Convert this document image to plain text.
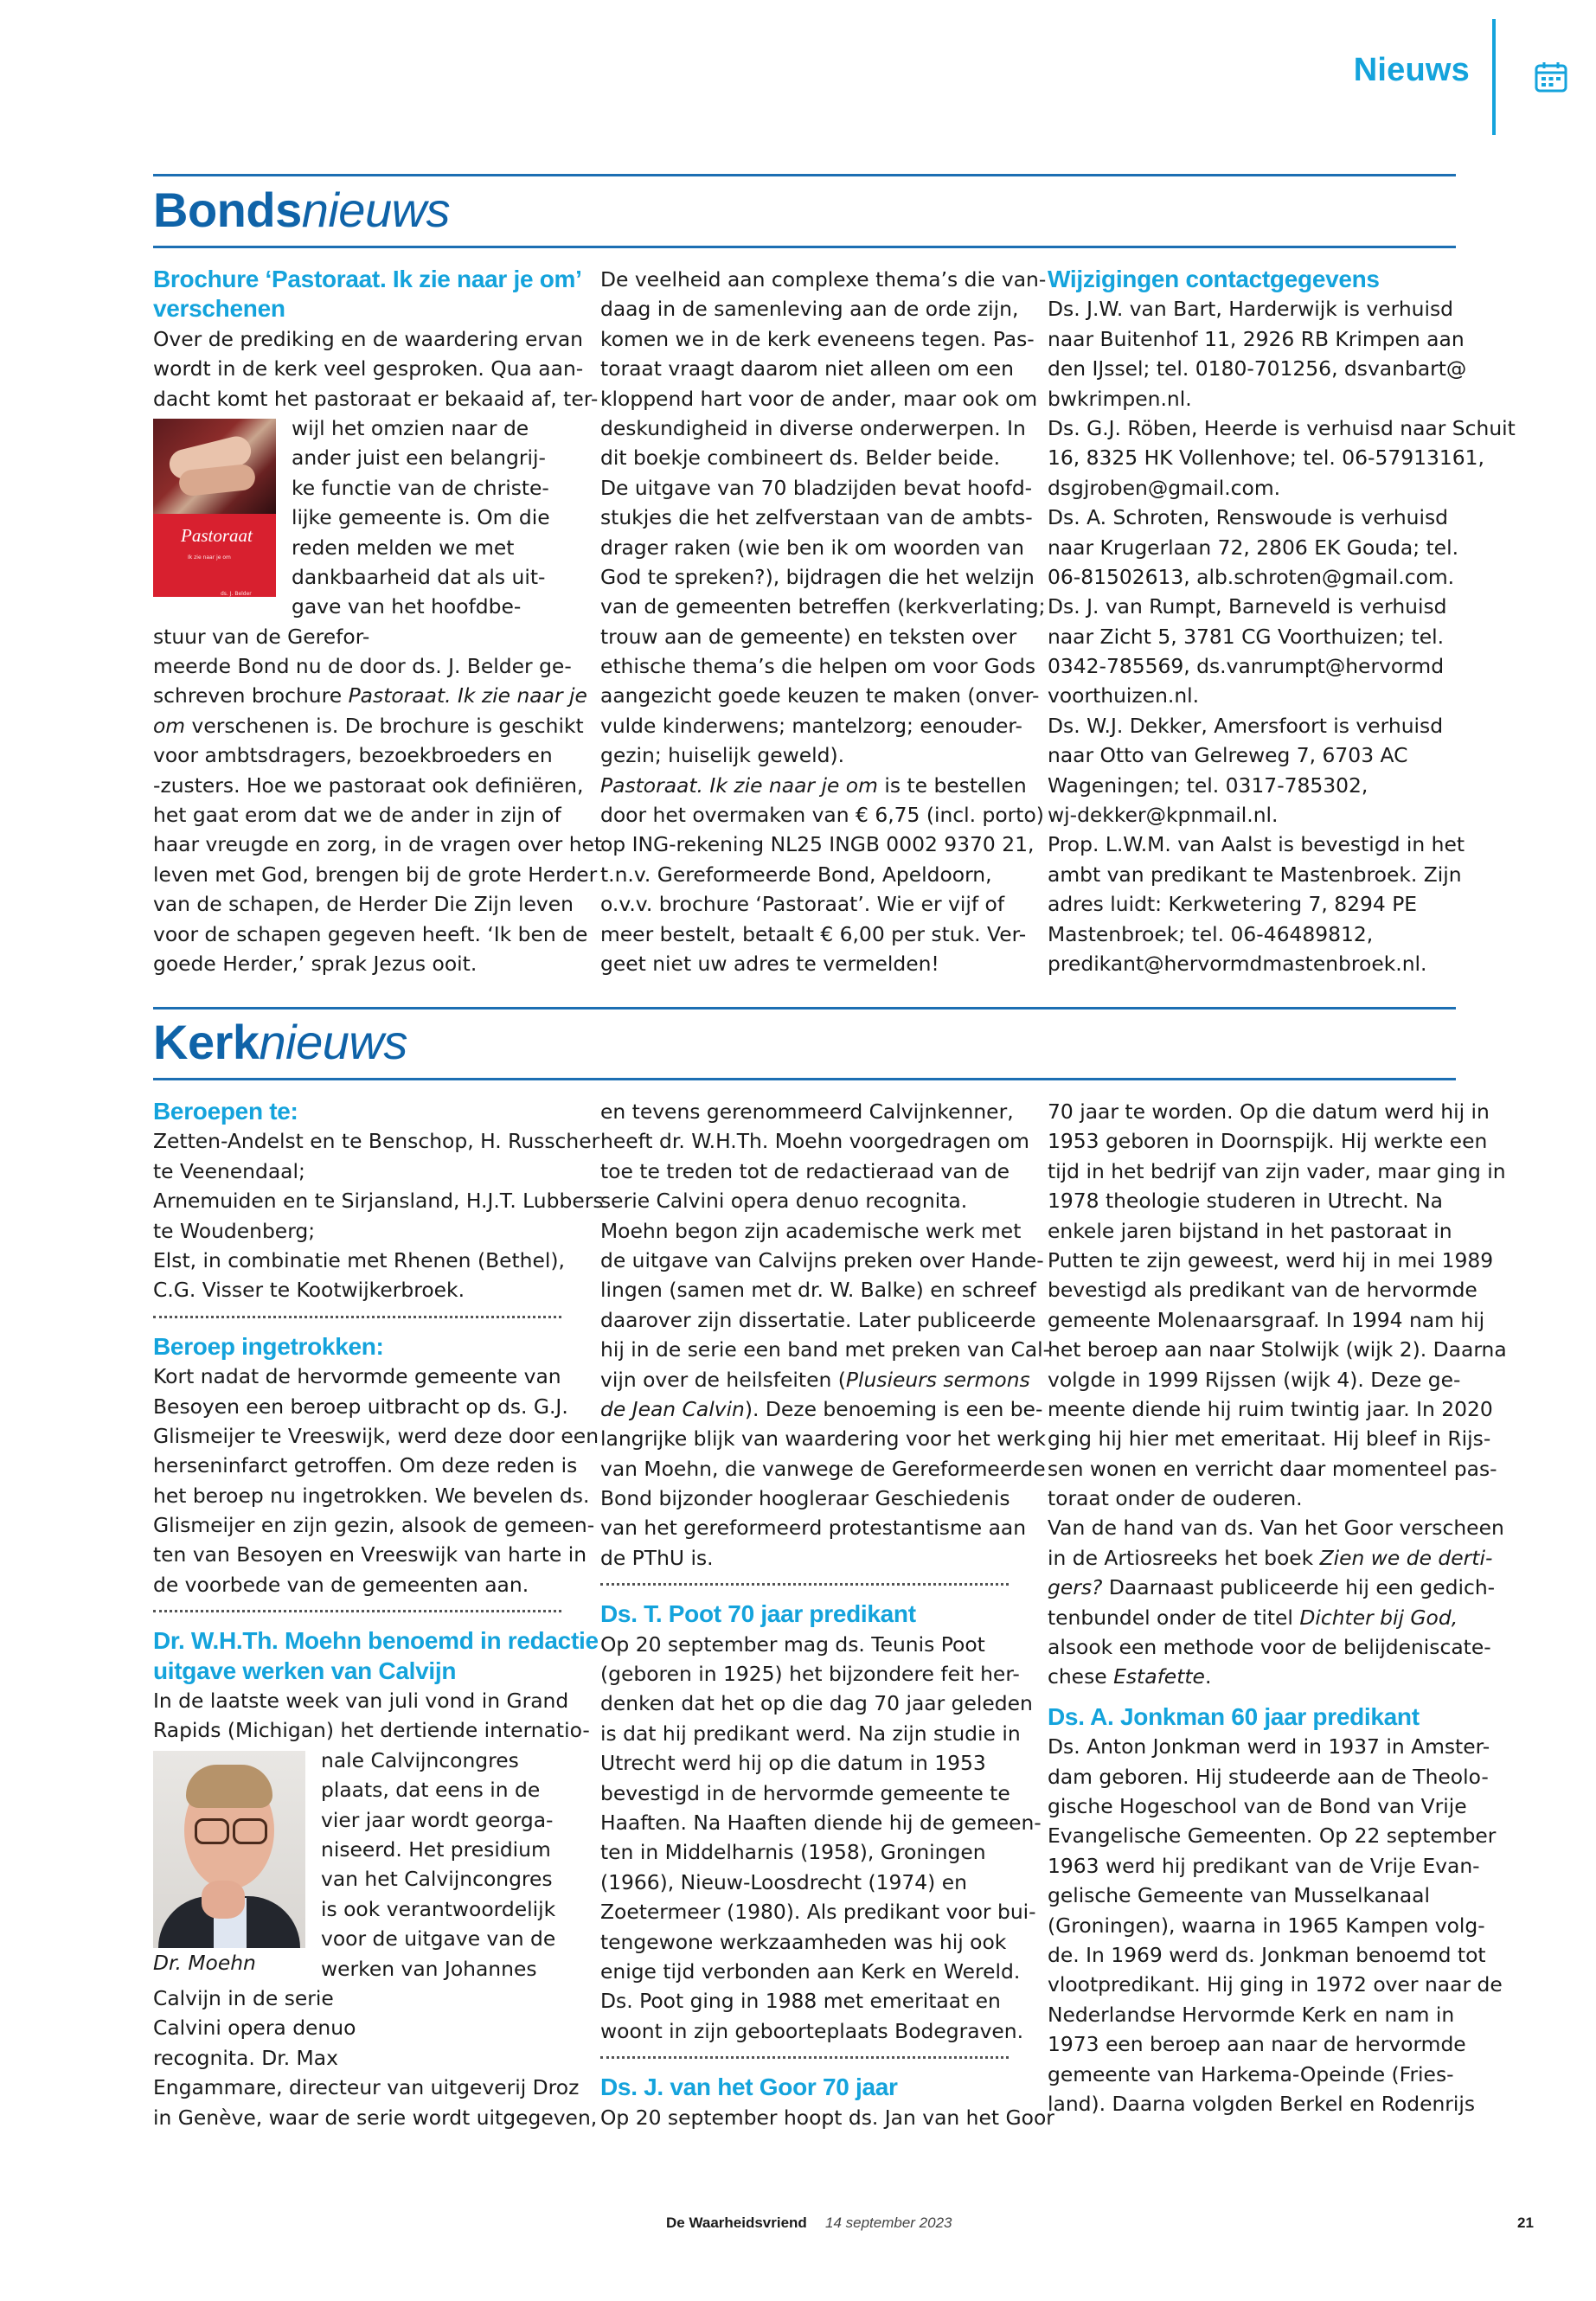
Nieuws
Bondsnieuws
Brochure ‘Pastoraat. Ik zie naar je om’
verschenen
Over de prediking en de waardering ervan
wordt in de kerk veel gesproken. Qua aan-
dacht komt het pastoraat er bekaaid af, ter-
Pastoraat
Ik zie naar je om
ds. J. Belder
wijl het omzien naar de
ander juist een belangrij-
ke functie van de christe-
lijke gemeente is. Om die
reden melden we met
dankbaarheid dat als uit-
gave van het hoofdbe-
stuur van de Gerefor-
meerde Bond nu de door ds. J. Belder ge-
schreven brochure Pastoraat. Ik zie naar je
om verschenen is. De brochure is geschikt
voor ambtsdragers, bezoekbroeders en
-zusters. Hoe we pastoraat ook definiëren,
het gaat erom dat we de ander in zijn of
haar vreugde en zorg, in de vragen over het
leven met God, brengen bij de grote Herder
van de schapen, de Herder Die Zijn leven
voor de schapen gegeven heeft. ‘Ik ben de
goede Herder,’ sprak Jezus ooit.
De veelheid aan complexe thema’s die van-
daag in de samenleving aan de orde zijn,
komen we in de kerk eveneens tegen. Pas-
toraat vraagt daarom niet alleen om een
kloppend hart voor de ander, maar ook om
deskundigheid in diverse onderwerpen. In
dit boekje combineert ds. Belder beide.
De uitgave van 70 bladzijden bevat hoofd-
stukjes die het zelfverstaan van de ambts-
drager raken (wie ben ik om woorden van
God te spreken?), bijdragen die het welzijn
van de gemeenten betreffen (kerkverlating;
trouw aan de gemeente) en teksten over
ethische thema’s die helpen om voor Gods
aangezicht goede keuzen te maken (onver-
vulde kinderwens; mantelzorg; eenouder-
gezin; huiselijk geweld).
Pastoraat. Ik zie naar je om is te bestellen
door het overmaken van € 6,75 (incl. porto)
op ING-rekening NL25 INGB 0002 9370 21,
t.n.v. Gereformeerde Bond, Apeldoorn,
o.v.v. brochure ‘Pastoraat’. Wie er vijf of
meer bestelt, betaalt € 6,00 per stuk. Ver-
geet niet uw adres te vermelden!
Wijzigingen contactgegevens
Ds. J.W. van Bart, Harderwijk is verhuisd
naar Buitenhof 11, 2926 RB Krimpen aan
den IJssel; tel. 0180-701256, dsvanbart@
bwkrimpen.nl.
Ds. G.J. Röben, Heerde is verhuisd naar Schuit
16, 8325 HK Vollenhove; tel. 06-57913161,
dsgjroben@gmail.com.
Ds. A. Schroten, Renswoude is verhuisd
naar Krugerlaan 72, 2806 EK Gouda; tel.
06-81502613, alb.schroten@gmail.com.
Ds. J. van Rumpt, Barneveld is verhuisd
naar Zicht 5, 3781 CG Voorthuizen; tel.
0342-785569, ds.vanrumpt@hervormd
voorthuizen.nl.
Ds. W.J. Dekker, Amersfoort is verhuisd
naar Otto van Gelreweg 7, 6703 AC
Wageningen; tel. 0317-785302,
wj-dekker@kpnmail.nl.
Prop. L.W.M. van Aalst is bevestigd in het
ambt van predikant te Mastenbroek. Zijn
adres luidt: Kerkwetering 7, 8294 PE
Mastenbroek; tel. 06-46489812,
predikant@hervormdmastenbroek.nl.
Kerknieuws
Beroepen te:
Zetten-Andelst en te Benschop, H. Russcher
te Veenendaal;
Arnemuiden en te Sirjansland, H.J.T. Lubbers
te Woudenberg;
Elst, in combinatie met Rhenen (Bethel),
C.G. Visser te Kootwijkerbroek.
Beroep ingetrokken:
Kort nadat de hervormde gemeente van
Besoyen een beroep uitbracht op ds. G.J.
Glismeijer te Vreeswijk, werd deze door een
herseninfarct getroffen. Om deze reden is
het beroep nu ingetrokken. We bevelen ds.
Glismeijer en zijn gezin, alsook de gemeen-
ten van Besoyen en Vreeswijk van harte in
de voorbede van de gemeenten aan.
Dr. W.H.Th. Moehn benoemd in redactie
uitgave werken van Calvijn
In de laatste week van juli vond in Grand
Rapids (Michigan) het dertiende internatio-
Dr. Moehn
nale Calvijncongres
plaats, dat eens in de
vier jaar wordt georga-
niseerd. Het presidium
van het Calvijncongres
is ook verantwoordelijk
voor de uitgave van de
werken van Johannes
Calvijn in de serie
Calvini opera denuo
recognita. Dr. Max
Engammare, directeur van uitgeverij Droz
in Genève, waar de serie wordt uitgegeven,
en tevens gerenommeerd Calvijnkenner,
heeft dr. W.H.Th. Moehn voorgedragen om
toe te treden tot de redactieraad van de
serie Calvini opera denuo recognita.
Moehn begon zijn academische werk met
de uitgave van Calvijns preken over Hande-
lingen (samen met dr. W. Balke) en schreef
daarover zijn dissertatie. Later publiceerde
hij in de serie een band met preken van Cal-
vijn over de heilsfeiten (Plusieurs sermons
de Jean Calvin). Deze benoeming is een be-
langrijke blijk van waardering voor het werk
van Moehn, die vanwege de Gereformeerde
Bond bijzonder hoogleraar Geschiedenis
van het gereformeerd protestantisme aan
de PThU is.
Ds. T. Poot 70 jaar predikant
Op 20 september mag ds. Teunis Poot
(geboren in 1925) het bijzondere feit her-
denken dat het op die dag 70 jaar geleden
is dat hij predikant werd. Na zijn studie in
Utrecht werd hij op die datum in 1953
bevestigd in de hervormde gemeente te
Haaften. Na Haaften diende hij de gemeen-
ten in Middelharnis (1958), Groningen
(1966), Nieuw-Loosdrecht (1974) en
Zoetermeer (1980). Als predikant voor bui-
tengewone werkzaamheden was hij ook
enige tijd verbonden aan Kerk en Wereld.
Ds. Poot ging in 1988 met emeritaat en
woont in zijn geboorteplaats Bodegraven.
Ds. J. van het Goor 70 jaar
Op 20 september hoopt ds. Jan van het Goor
70 jaar te worden. Op die datum werd hij in
1953 geboren in Doornspijk. Hij werkte een
tijd in het bedrijf van zijn vader, maar ging in
1978 theologie studeren in Utrecht. Na
enkele jaren bijstand in het pastoraat in
Putten te zijn geweest, werd hij in mei 1989
bevestigd als predikant van de hervormde
gemeente Molenaarsgraaf. In 1994 nam hij
het beroep aan naar Stolwijk (wijk 2). Daarna
volgde in 1999 Rijssen (wijk 4). Deze ge-
meente diende hij ruim twintig jaar. In 2020
ging hij hier met emeritaat. Hij bleef in Rijs-
sen wonen en verricht daar momenteel pas-
toraat onder de ouderen.
Van de hand van ds. Van het Goor verscheen
in de Artiosreeks het boek Zien we de derti-
gers? Daarnaast publiceerde hij een gedich-
tenbundel onder de titel Dichter bij God,
alsook een methode voor de belijdeniscate-
chese Estafette.
Ds. A. Jonkman 60 jaar predikant
Ds. Anton Jonkman werd in 1937 in Amster-
dam geboren. Hij studeerde aan de Theolo-
gische Hogeschool van de Bond van Vrije
Evangelische Gemeenten. Op 22 september
1963 werd hij predikant van de Vrije Evan-
gelische Gemeente van Musselkanaal
(Groningen), waarna in 1965 Kampen volg-
de. In 1969 werd ds. Jonkman benoemd tot
vlootpredikant. Hij ging in 1972 over naar de
Nederlandse Hervormde Kerk en nam in
1973 een beroep aan naar de hervormde
gemeente van Harkema-Opeinde (Fries-
land). Daarna volgden Berkel en Rodenrijs
De Waarheidsvriend 14 september 2023	21
